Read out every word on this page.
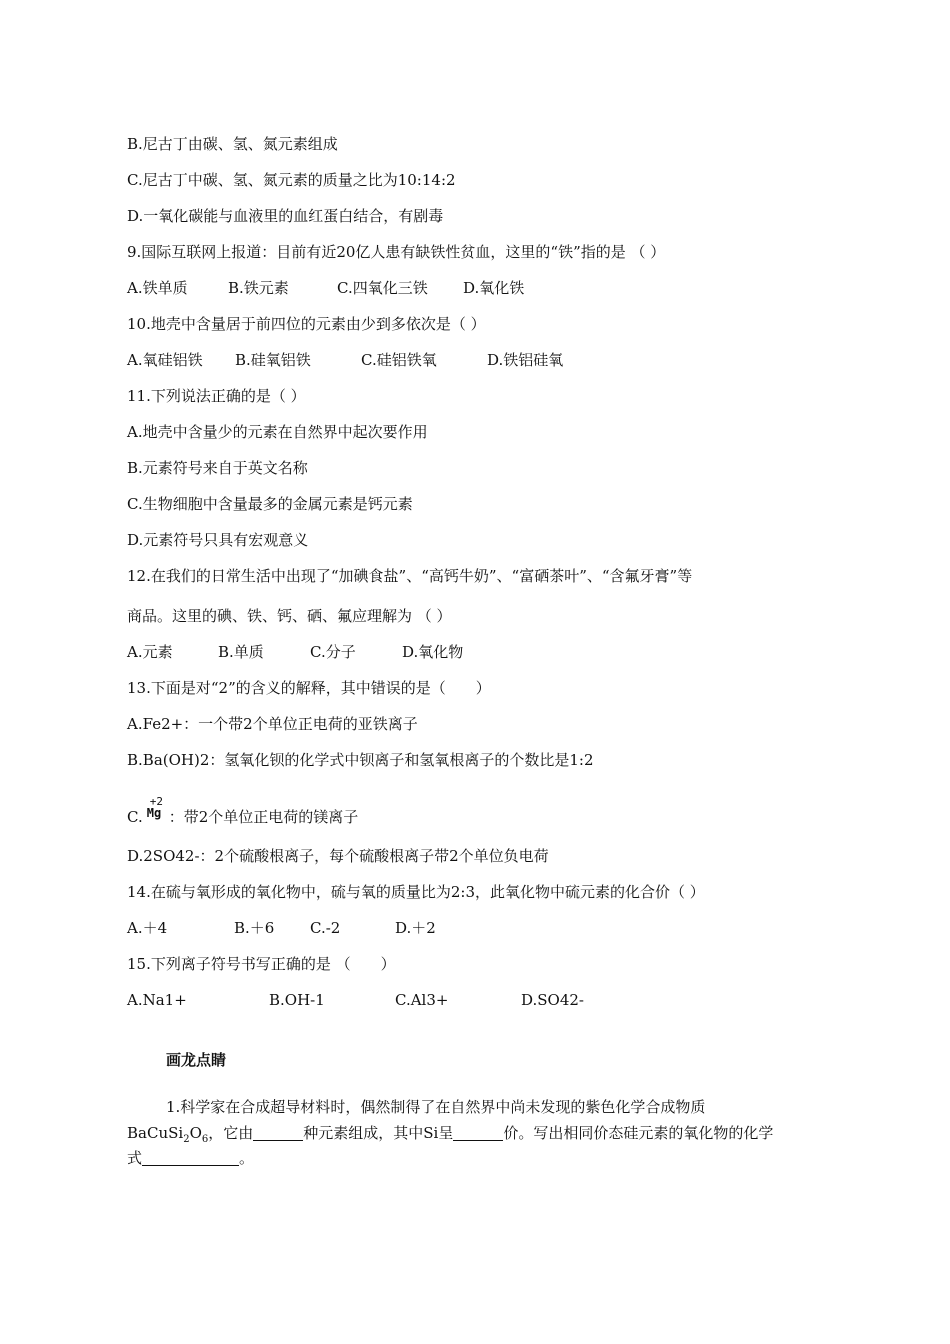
B.尼古丁由碳、氢、氮元素组成
C.尼古丁中碳、氢、氮元素的质量之比为10:14:2
D.一氧化碳能与血液里的血红蛋白结合，有剧毒
9.国际互联网上报道：目前有近20亿人患有缺铁性贫血，这里的“铁”指的是 （ ）
A.铁单质	B.铁元素	C.四氧化三铁 D.氧化铁
10.地壳中含量居于前四位的元素由少到多依次是（ ）
A.氧硅铝铁 B.硅氧铝铁	C.硅铝铁氧	D.铁铝硅氧
11.下列说法正确的是（ ）
A.地壳中含量少的元素在自然界中起次要作用
B.元素符号来自于英文名称
C.生物细胞中含量最多的金属元素是钙元素
D.元素符号只具有宏观意义
12.在我们的日常生活中出现了“加碘食盐”、“高钙牛奶”、“富硒茶叶”、“含氟牙膏”等
商品。这里的碘、铁、钙、硒、氟应理解为 （ ）
A.元素	B.单质	C.分子	D.氧化物
13.下面是对“2”的含义的解释，其中错误的是（　　）
A.Fe2+：一个带2个单位正电荷的亚铁离子
B.Ba(OH)2：氢氧化钡的化学式中钡离子和氢氧根离子的个数比是1:2
C.
+2
Mg ：带2个单位正电荷的镁离子
D.2SO42-：2个硫酸根离子，每个硫酸根离子带2个单位负电荷
14.在硫与氧形成的氧化物中，硫与氧的质量比为2:3，此氧化物中硫元素的化合价（ ）
A.＋4	B.＋6 C.-2	D.＋2
15.下列离子符号书写正确的是 （　　）
A.Na1+	B.OH-1	C.Al3+	D.SO42-
画龙点睛
1.科学家在合成超导材料时，偶然制得了在自然界中尚未发现的紫色化学合成物质
$BaCuSi_2O_6$，它由	种元素组成，其中Si呈	价。写出相同价态硅元素的氧化物的化学
式	。
